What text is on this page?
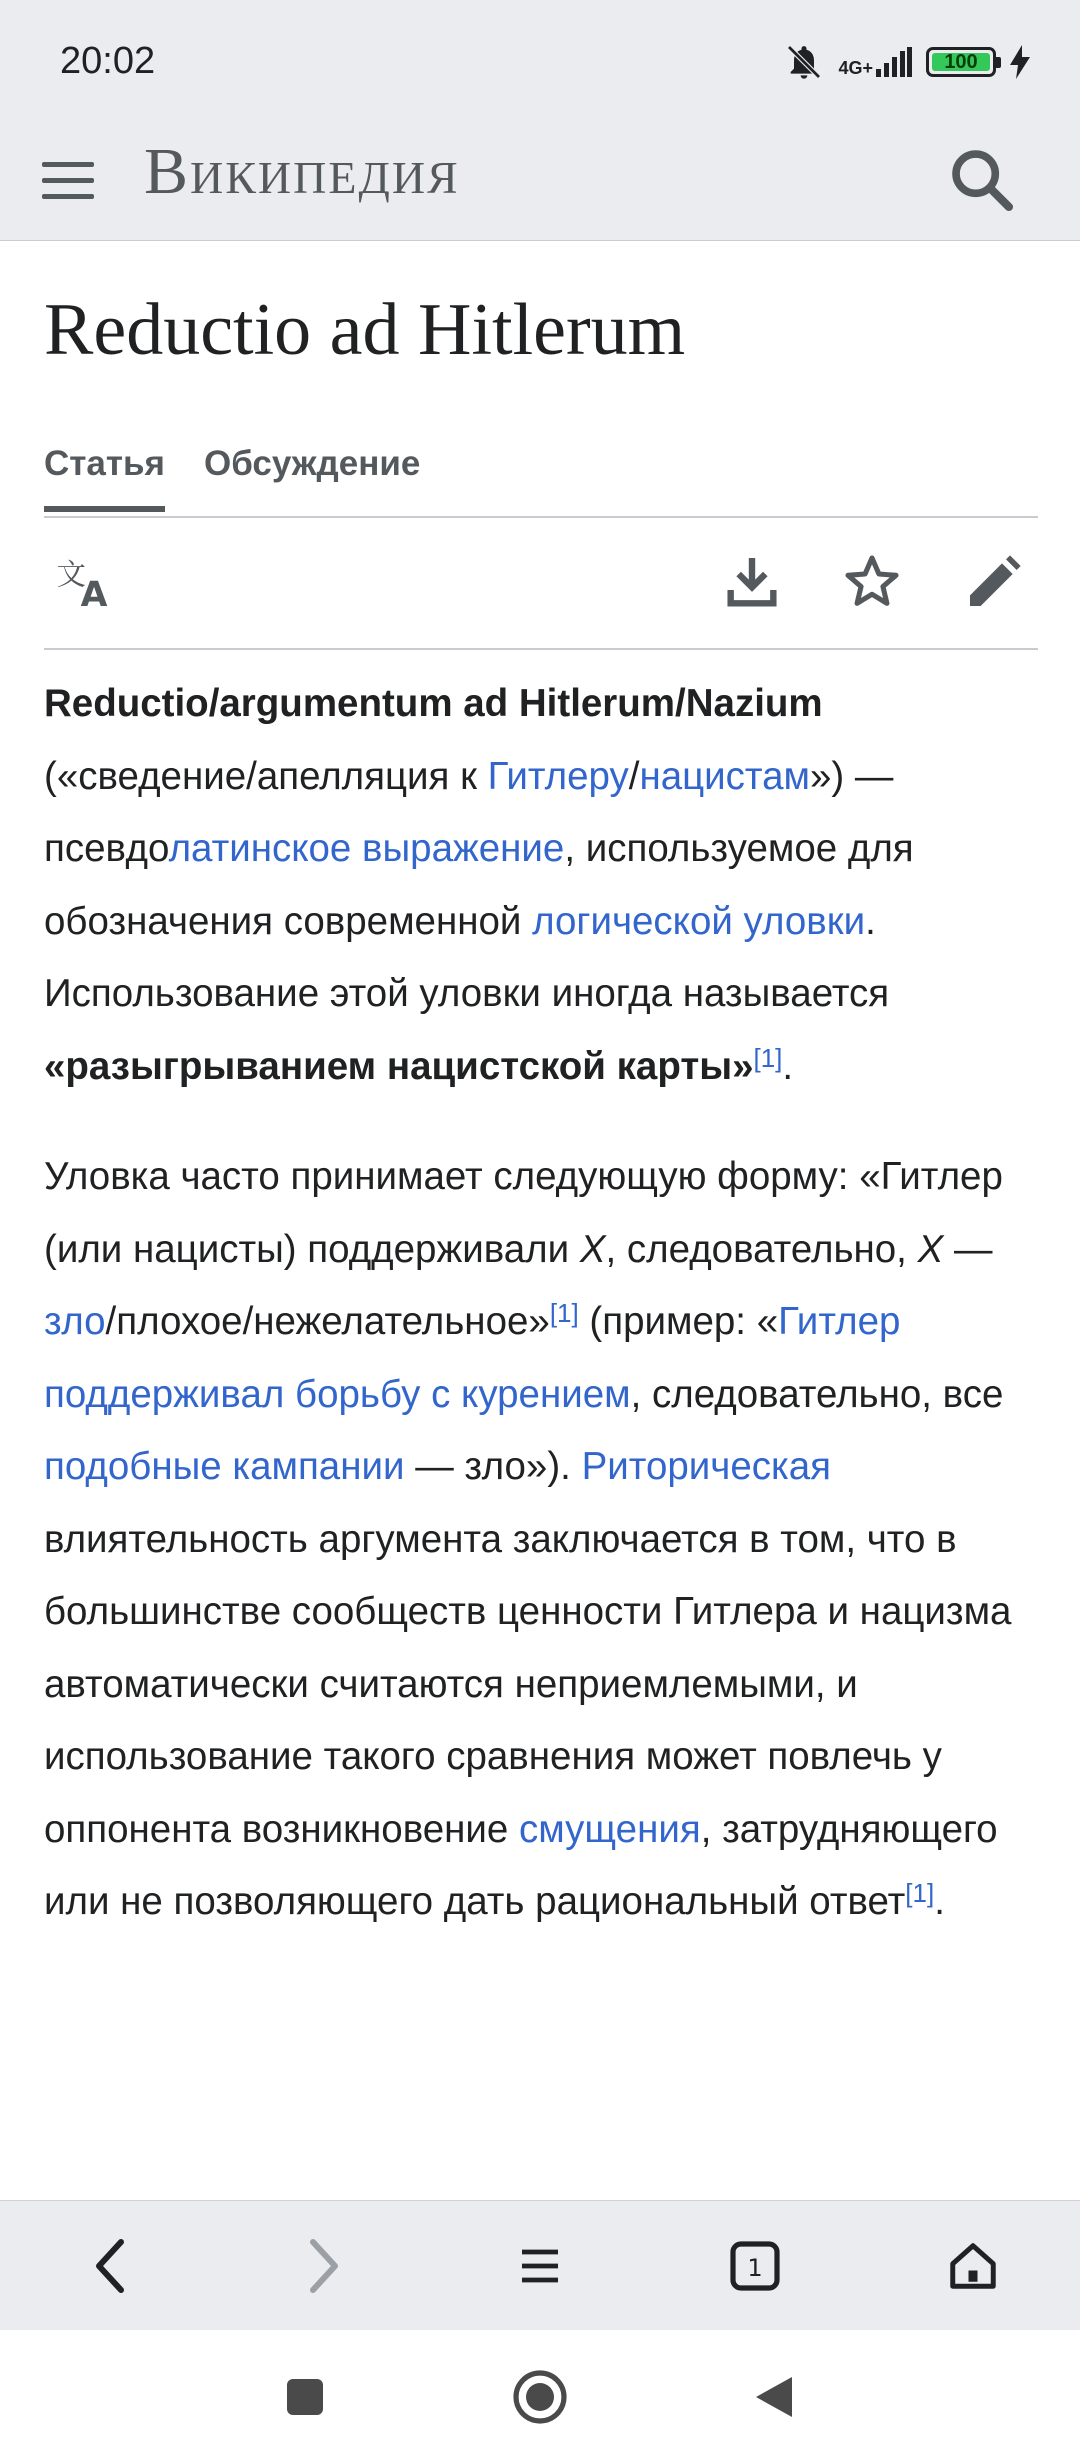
20:02	4G+	100
Википедия
Reductio ad Hitlerum
Статья Обсуждение
文
A

Reductio/argumentum ad Hitlerum/Nazium («сведение/апелляция к Гитлеру/нацистам») — псевдолатинское выражение, используемое для обозначения современной логической уловки. Использование этой уловки иногда называется «разыгрыванием нацистской карты»[1].

Уловка часто принимает следующую форму: «Гитлер (или нацисты) поддерживали X, следовательно, X — зло/плохое/нежелательное»[1] (пример: «Гитлер поддерживал борьбу с курением, следовательно, все подобные кампании — зло»). Риторическая влиятельность аргумента заключается в том, что в большинстве сообществ ценности Гитлера и нацизма автоматически считаются неприемлемыми, и использование такого сравнения может повлечь у оппонента возникновение смущения, затрудняющего или не позволяющего дать рациональный ответ[1].

1
